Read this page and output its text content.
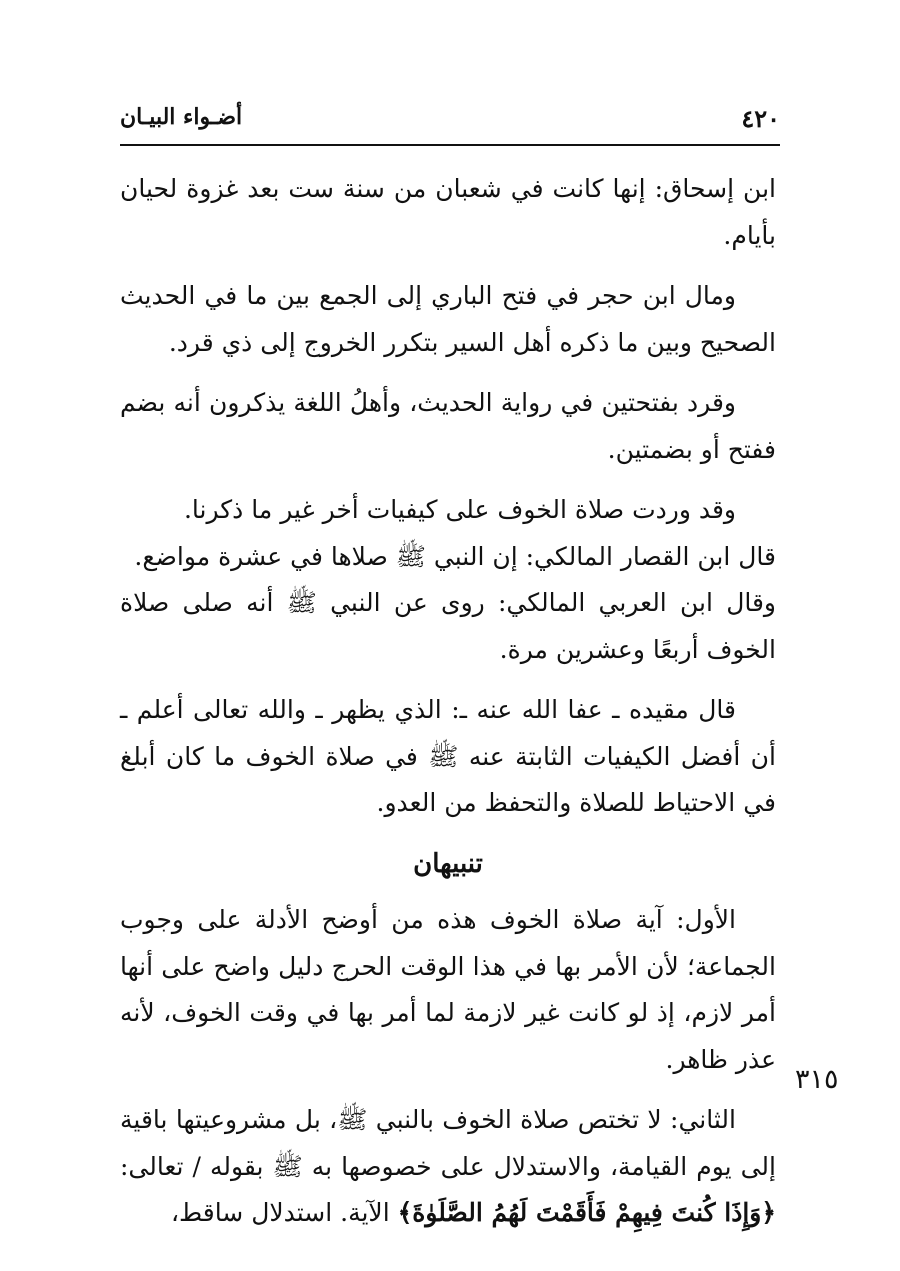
٤٢٠
أضـواء البيـان

ابن إسحاق: إنها كانت في شعبان من سنة ست بعد غزوة لحيان بأيام.

ومال ابن حجر في فتح الباري إلى الجمع بين ما في الحديث الصحيح وبين ما ذكره أهل السير بتكرر الخروج إلى ذي قرد.

وقرد بفتحتين في رواية الحديث، وأهلُ اللغة يذكرون أنه بضم ففتح أو بضمتين.

وقد وردت صلاة الخوف على كيفيات أخر غير ما ذكرنا.

قال ابن القصار المالكي: إن النبي ﷺ صلاها في عشرة مواضع.

وقال ابن العربي المالكي: روى عن النبي ﷺ أنه صلى صلاة الخوف أربعًا وعشرين مرة.

قال مقيده ـ عفا الله عنه ـ: الذي يظهر ـ والله تعالى أعلم ـ أن أفضل الكيفيات الثابتة عنه ﷺ في صلاة الخوف ما كان أبلغ في الاحتياط للصلاة والتحفظ من العدو.

تنبيهان

الأول: آية صلاة الخوف هذه من أوضح الأدلة على وجوب الجماعة؛ لأن الأمر بها في هذا الوقت الحرج دليل واضح على أنها أمر لازم، إذ لو كانت غير لازمة لما أمر بها في وقت الخوف، لأنه عذر ظاهر.

الثاني: لا تختص صلاة الخوف بالنبي ﷺ، بل مشروعيتها باقية إلى يوم القيامة، والاستدلال على خصوصها به ﷺ بقوله / تعالى: ﴿وَإِذَا كُنتَ فِيهِمْ فَأَقَمْتَ لَهُمُ الصَّلَوٰةَ﴾ الآية. استدلال ساقط،

٣١٥
